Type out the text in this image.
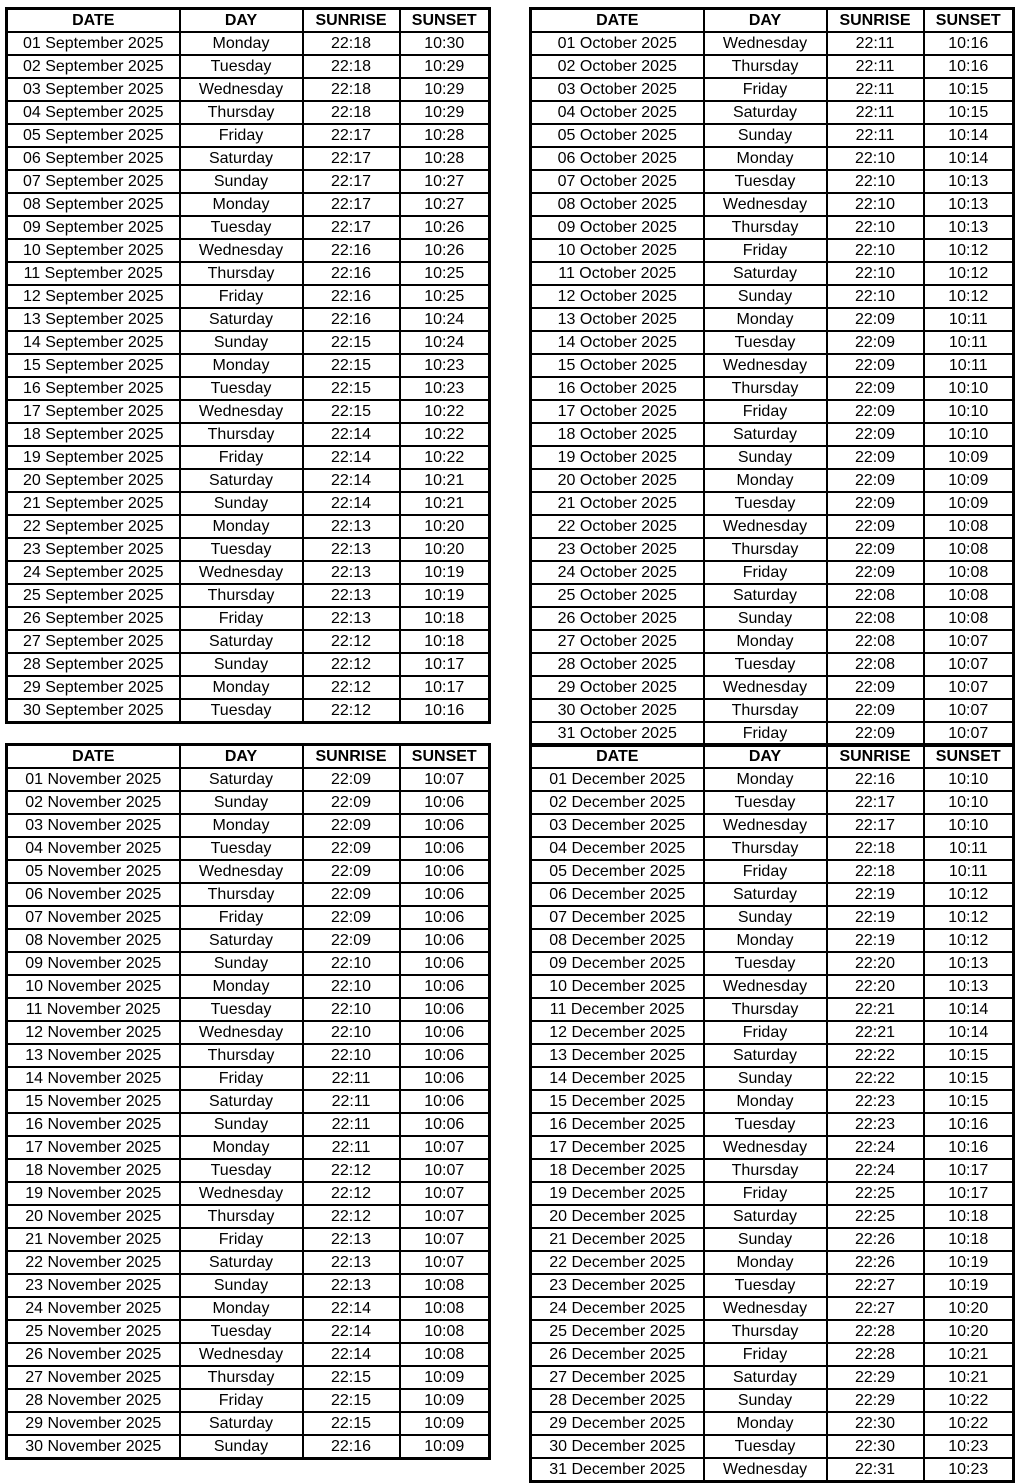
DATE	DAY	SUNRISE	SUNSET
01 September 2025	Monday	22:18	10:30
02 September 2025	Tuesday	22:18	10:29
03 September 2025	Wednesday	22:18	10:29
04 September 2025	Thursday	22:18	10:29
05 September 2025	Friday	22:17	10:28
06 September 2025	Saturday	22:17	10:28
07 September 2025	Sunday	22:17	10:27
08 September 2025	Monday	22:17	10:27
09 September 2025	Tuesday	22:17	10:26
10 September 2025	Wednesday	22:16	10:26
11 September 2025	Thursday	22:16	10:25
12 September 2025	Friday	22:16	10:25
13 September 2025	Saturday	22:16	10:24
14 September 2025	Sunday	22:15	10:24
15 September 2025	Monday	22:15	10:23
16 September 2025	Tuesday	22:15	10:23
17 September 2025	Wednesday	22:15	10:22
18 September 2025	Thursday	22:14	10:22
19 September 2025	Friday	22:14	10:22
20 September 2025	Saturday	22:14	10:21
21 September 2025	Sunday	22:14	10:21
22 September 2025	Monday	22:13	10:20
23 September 2025	Tuesday	22:13	10:20
24 September 2025	Wednesday	22:13	10:19
25 September 2025	Thursday	22:13	10:19
26 September 2025	Friday	22:13	10:18
27 September 2025	Saturday	22:12	10:18
28 September 2025	Sunday	22:12	10:17
29 September 2025	Monday	22:12	10:17
30 September 2025	Tuesday	22:12	10:16
DATE	DAY	SUNRISE	SUNSET
01 October 2025	Wednesday	22:11	10:16
02 October 2025	Thursday	22:11	10:16
03 October 2025	Friday	22:11	10:15
04 October 2025	Saturday	22:11	10:15
05 October 2025	Sunday	22:11	10:14
06 October 2025	Monday	22:10	10:14
07 October 2025	Tuesday	22:10	10:13
08 October 2025	Wednesday	22:10	10:13
09 October 2025	Thursday	22:10	10:13
10 October 2025	Friday	22:10	10:12
11 October 2025	Saturday	22:10	10:12
12 October 2025	Sunday	22:10	10:12
13 October 2025	Monday	22:09	10:11
14 October 2025	Tuesday	22:09	10:11
15 October 2025	Wednesday	22:09	10:11
16 October 2025	Thursday	22:09	10:10
17 October 2025	Friday	22:09	10:10
18 October 2025	Saturday	22:09	10:10
19 October 2025	Sunday	22:09	10:09
20 October 2025	Monday	22:09	10:09
21 October 2025	Tuesday	22:09	10:09
22 October 2025	Wednesday	22:09	10:08
23 October 2025	Thursday	22:09	10:08
24 October 2025	Friday	22:09	10:08
25 October 2025	Saturday	22:08	10:08
26 October 2025	Sunday	22:08	10:08
27 October 2025	Monday	22:08	10:07
28 October 2025	Tuesday	22:08	10:07
29 October 2025	Wednesday	22:09	10:07
30 October 2025	Thursday	22:09	10:07
31 October 2025	Friday	22:09	10:07
DATE	DAY	SUNRISE	SUNSET
01 November 2025	Saturday	22:09	10:07
02 November 2025	Sunday	22:09	10:06
03 November 2025	Monday	22:09	10:06
04 November 2025	Tuesday	22:09	10:06
05 November 2025	Wednesday	22:09	10:06
06 November 2025	Thursday	22:09	10:06
07 November 2025	Friday	22:09	10:06
08 November 2025	Saturday	22:09	10:06
09 November 2025	Sunday	22:10	10:06
10 November 2025	Monday	22:10	10:06
11 November 2025	Tuesday	22:10	10:06
12 November 2025	Wednesday	22:10	10:06
13 November 2025	Thursday	22:10	10:06
14 November 2025	Friday	22:11	10:06
15 November 2025	Saturday	22:11	10:06
16 November 2025	Sunday	22:11	10:06
17 November 2025	Monday	22:11	10:07
18 November 2025	Tuesday	22:12	10:07
19 November 2025	Wednesday	22:12	10:07
20 November 2025	Thursday	22:12	10:07
21 November 2025	Friday	22:13	10:07
22 November 2025	Saturday	22:13	10:07
23 November 2025	Sunday	22:13	10:08
24 November 2025	Monday	22:14	10:08
25 November 2025	Tuesday	22:14	10:08
26 November 2025	Wednesday	22:14	10:08
27 November 2025	Thursday	22:15	10:09
28 November 2025	Friday	22:15	10:09
29 November 2025	Saturday	22:15	10:09
30 November 2025	Sunday	22:16	10:09
DATE	DAY	SUNRISE	SUNSET
01 December 2025	Monday	22:16	10:10
02 December 2025	Tuesday	22:17	10:10
03 December 2025	Wednesday	22:17	10:10
04 December 2025	Thursday	22:18	10:11
05 December 2025	Friday	22:18	10:11
06 December 2025	Saturday	22:19	10:12
07 December 2025	Sunday	22:19	10:12
08 December 2025	Monday	22:19	10:12
09 December 2025	Tuesday	22:20	10:13
10 December 2025	Wednesday	22:20	10:13
11 December 2025	Thursday	22:21	10:14
12 December 2025	Friday	22:21	10:14
13 December 2025	Saturday	22:22	10:15
14 December 2025	Sunday	22:22	10:15
15 December 2025	Monday	22:23	10:15
16 December 2025	Tuesday	22:23	10:16
17 December 2025	Wednesday	22:24	10:16
18 December 2025	Thursday	22:24	10:17
19 December 2025	Friday	22:25	10:17
20 December 2025	Saturday	22:25	10:18
21 December 2025	Sunday	22:26	10:18
22 December 2025	Monday	22:26	10:19
23 December 2025	Tuesday	22:27	10:19
24 December 2025	Wednesday	22:27	10:20
25 December 2025	Thursday	22:28	10:20
26 December 2025	Friday	22:28	10:21
27 December 2025	Saturday	22:29	10:21
28 December 2025	Sunday	22:29	10:22
29 December 2025	Monday	22:30	10:22
30 December 2025	Tuesday	22:30	10:23
31 December 2025	Wednesday	22:31	10:23
